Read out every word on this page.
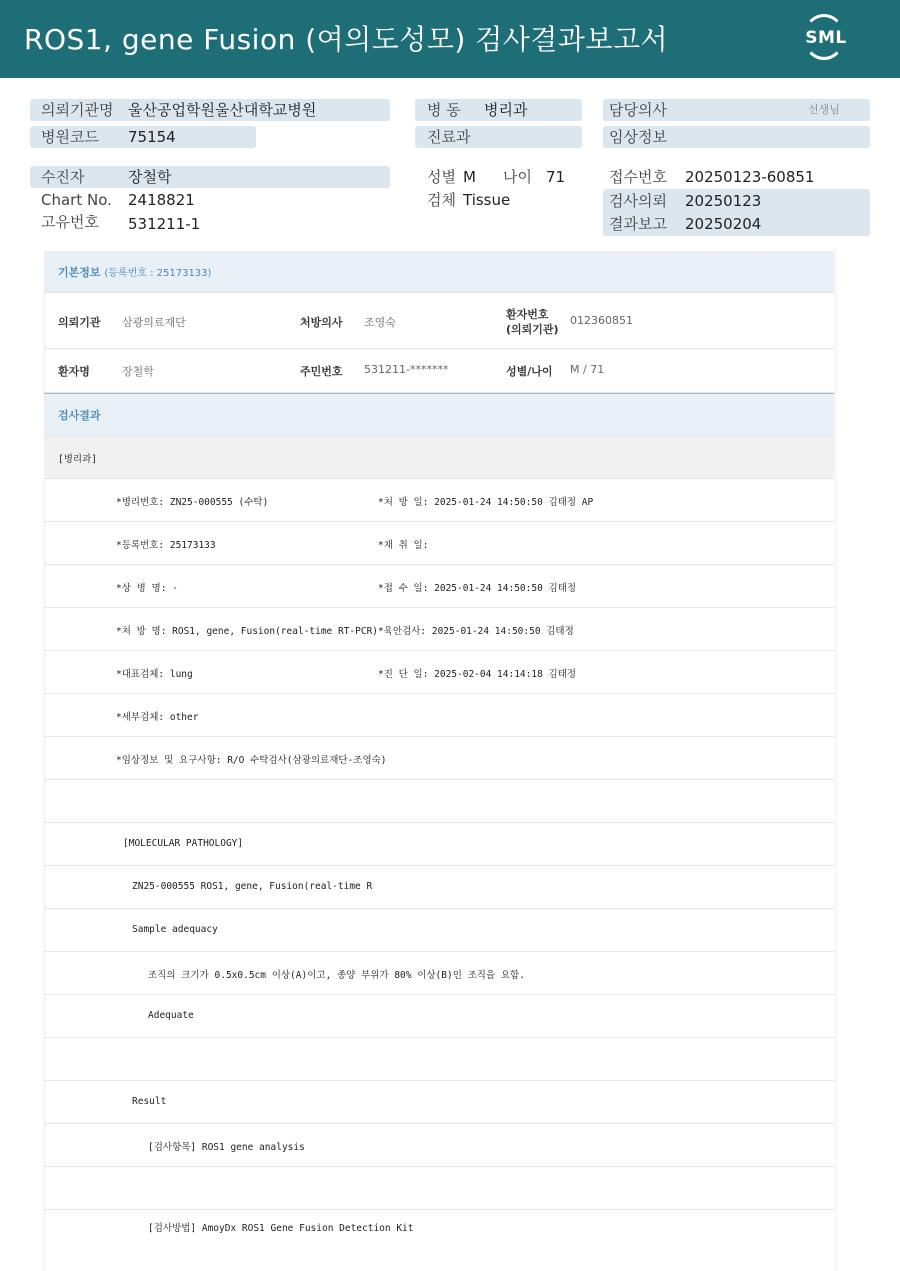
ROS1, gene Fusion (여의도성모) 검사결과보고서	SML
의뢰기관명 울산공업학원울산대학교병원
병원코드 75154
병 동 병리과
진료과
담당의사	선생님
임상정보
수진자	장철학
Chart No. 2418821
고유번호 531211-1
성별 M 나이 71
검체 Tissue
접수번호 20250123-60851
검사의뢰 20250123
결과보고 20250204
기본정보 (등록번호 : 25173133)
의뢰기관 삼광의료재단	처방의사 조영숙
환자번호
(의뢰기관)
012360851
환자명	장철학	주민번호 531211-*******	성별/나이 M / 71
검사결과
[병리과]
*병리번호: ZN25-000555 (수탁)	*처 방 일: 2025-01-24 14:50:50 김태정 AP
*등록번호: 25173133	*채 취 일:
*상 병 명: -	*접 수 일: 2025-01-24 14:50:50 김태정
*처 방 명: ROS1, gene, Fusion(real-time RT-PCR) *육안검사: 2025-01-24 14:50:50 김태정
*대표검체: lung	*진 단 일: 2025-02-04 14:14:18 김태정
*세부검체: other
*임상정보 및 요구사항: R/O 수탁검사(삼광의료재단-조영숙)
[MOLECULAR PATHOLOGY]
ZN25-000555 ROS1, gene, Fusion(real-time R
Sample adequacy
조직의 크기가 0.5x0.5cm 이상(A)이고, 종양 부위가 80% 이상(B)인 조직을 요함.
Adequate
Result
[검사항목] ROS1 gene analysis
[검사방법] AmoyDx ROS1 Gene Fusion Detection Kit
